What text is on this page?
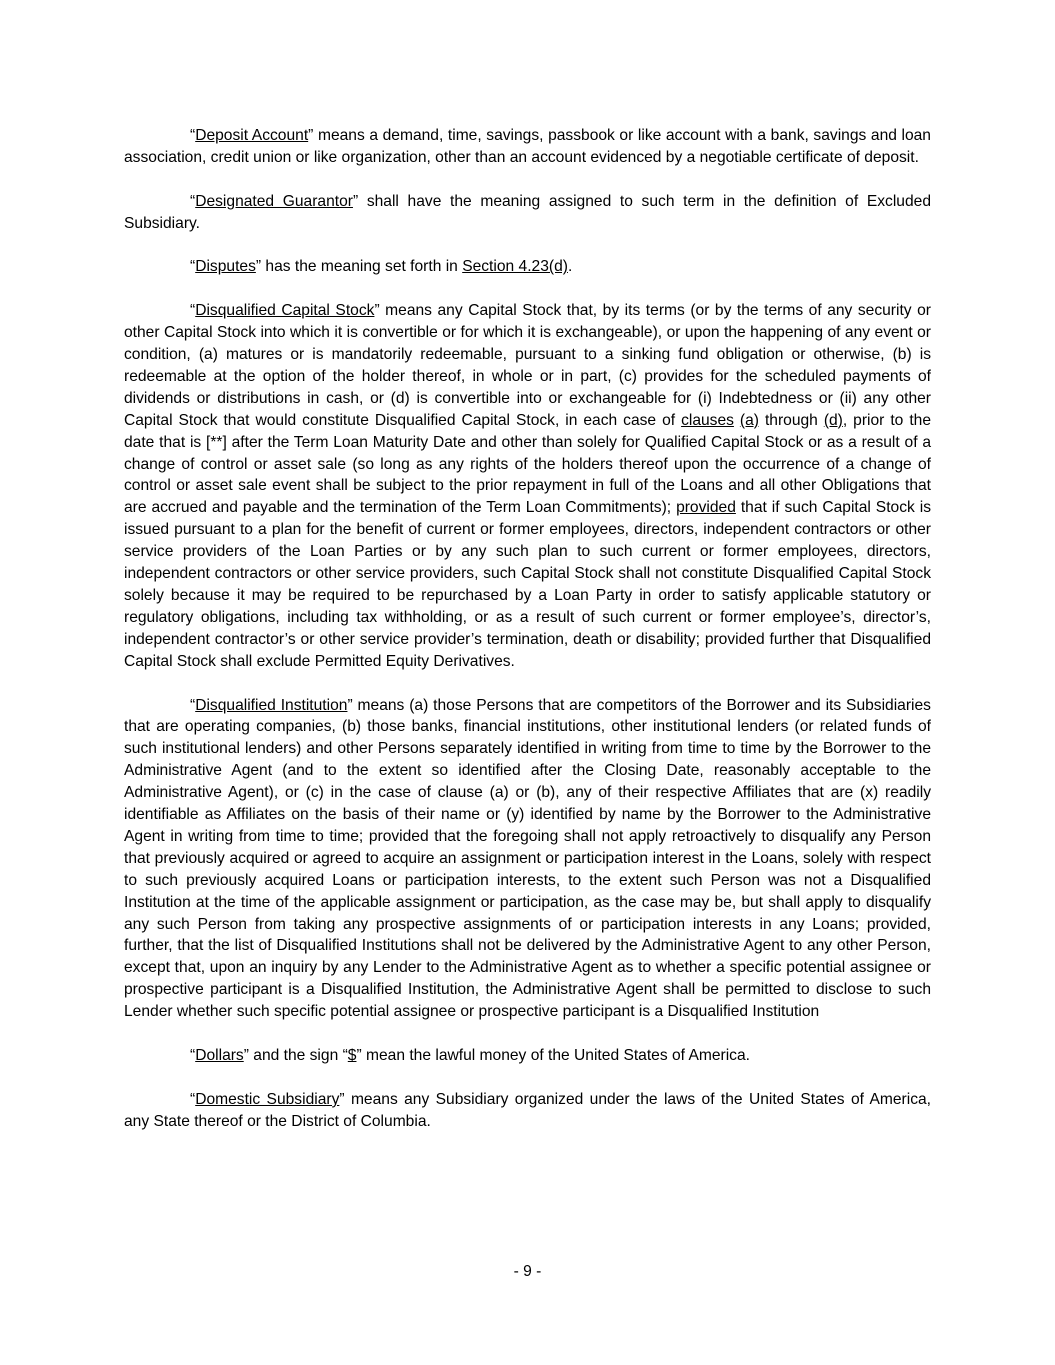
“Deposit Account” means a demand, time, savings, passbook or like account with a bank, savings and loan association, credit union or like organization, other than an account evidenced by a negotiable certificate of deposit.

“Designated Guarantor” shall have the meaning assigned to such term in the definition of Excluded Subsidiary.

“Disputes” has the meaning set forth in Section 4.23(d).

“Disqualified Capital Stock” means any Capital Stock that, by its terms (or by the terms of any security or other Capital Stock into which it is convertible or for which it is exchangeable), or upon the happening of any event or condition, (a) matures or is mandatorily redeemable, pursuant to a sinking fund obligation or otherwise, (b) is redeemable at the option of the holder thereof, in whole or in part, (c) provides for the scheduled payments of dividends or distributions in cash, or (d) is convertible into or exchangeable for (i) Indebtedness or (ii) any other Capital Stock that would constitute Disqualified Capital Stock, in each case of clauses (a) through (d), prior to the date that is [**] after the Term Loan Maturity Date and other than solely for Qualified Capital Stock or as a result of a change of control or asset sale (so long as any rights of the holders thereof upon the occurrence of a change of control or asset sale event shall be subject to the prior repayment in full of the Loans and all other Obligations that are accrued and payable and the termination of the Term Loan Commitments); provided that if such Capital Stock is issued pursuant to a plan for the benefit of current or former employees, directors, independent contractors or other service providers of the Loan Parties or by any such plan to such current or former employees, directors, independent contractors or other service providers, such Capital Stock shall not constitute Disqualified Capital Stock solely because it may be required to be repurchased by a Loan Party in order to satisfy applicable statutory or regulatory obligations, including tax withholding, or as a result of such current or former employee’s, director’s, independent contractor’s or other service provider’s termination, death or disability; provided further that Disqualified Capital Stock shall exclude Permitted Equity Derivatives.

“Disqualified Institution” means (a) those Persons that are competitors of the Borrower and its Subsidiaries that are operating companies, (b) those banks, financial institutions, other institutional lenders (or related funds of such institutional lenders) and other Persons separately identified in writing from time to time by the Borrower to the Administrative Agent (and to the extent so identified after the Closing Date, reasonably acceptable to the Administrative Agent), or (c) in the case of clause (a) or (b), any of their respective Affiliates that are (x) readily identifiable as Affiliates on the basis of their name or (y) identified by name by the Borrower to the Administrative Agent in writing from time to time; provided that the foregoing shall not apply retroactively to disqualify any Person that previously acquired or agreed to acquire an assignment or participation interest in the Loans, solely with respect to such previously acquired Loans or participation interests, to the extent such Person was not a Disqualified Institution at the time of the applicable assignment or participation, as the case may be, but shall apply to disqualify any such Person from taking any prospective assignments of or participation interests in any Loans; provided, further, that the list of Disqualified Institutions shall not be delivered by the Administrative Agent to any other Person, except that, upon an inquiry by any Lender to the Administrative Agent as to whether a specific potential assignee or prospective participant is a Disqualified Institution, the Administrative Agent shall be permitted to disclose to such Lender whether such specific potential assignee or prospective participant is a Disqualified Institution

“Dollars” and the sign “$” mean the lawful money of the United States of America.

“Domestic Subsidiary” means any Subsidiary organized under the laws of the United States of America, any State thereof or the District of Columbia.

- 9 -
